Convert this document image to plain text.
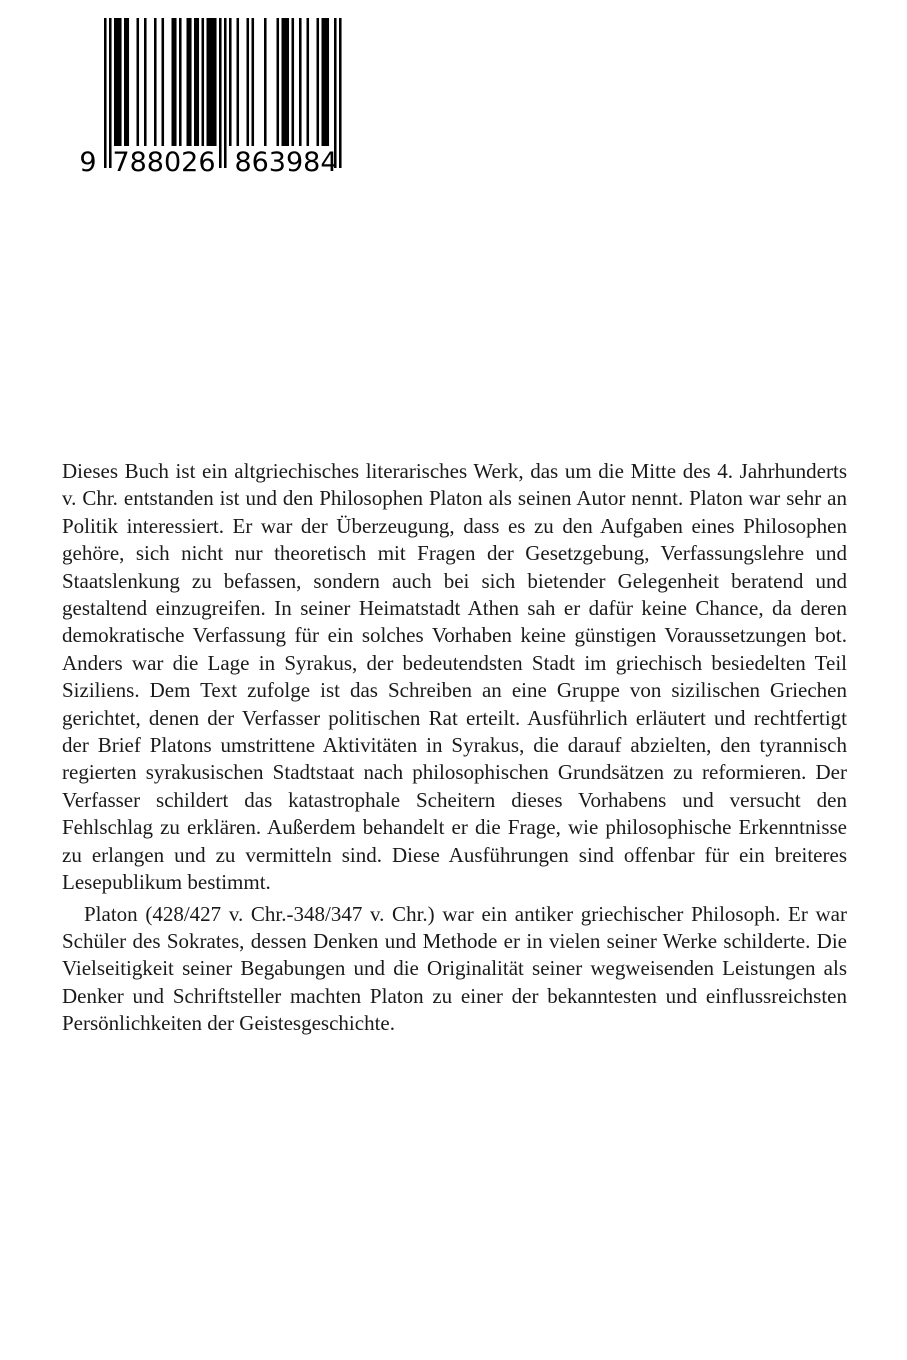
9 788026 863984

Dieses Buch ist ein altgriechisches literarisches Werk, das um die Mitte des 4. Jahrhunderts v. Chr. entstanden ist und den Philosophen Platon als seinen Autor nennt. Platon war sehr an Politik interessiert. Er war der Überzeugung, dass es zu den Aufgaben eines Philosophen gehöre, sich nicht nur theoretisch mit Fragen der Gesetzgebung, Verfassungslehre und Staatslenkung zu befassen, sondern auch bei sich bietender Gelegenheit beratend und gestaltend einzugreifen. In seiner Heimatstadt Athen sah er dafür keine Chance, da deren demokratische Verfassung für ein solches Vorhaben keine günstigen Voraussetzungen bot. Anders war die Lage in Syrakus, der bedeutendsten Stadt im griechisch besiedelten Teil Siziliens. Dem Text zufolge ist das Schreiben an eine Gruppe von sizilischen Griechen gerichtet, denen der Verfasser politischen Rat erteilt. Ausführlich erläutert und rechtfertigt der Brief Platons umstrittene Aktivitäten in Syrakus, die darauf abzielten, den tyrannisch regierten syrakusischen Stadtstaat nach philosophischen Grundsätzen zu reformieren. Der Verfasser schildert das katastrophale Scheitern dieses Vorhabens und versucht den Fehlschlag zu erklären. Außerdem behandelt er die Frage, wie philosophische Erkenntnisse zu erlangen und zu vermitteln sind. Diese Ausführungen sind offenbar für ein breiteres Lesepublikum bestimmt.

Platon (428/427 v. Chr.-348/347 v. Chr.) war ein antiker griechischer Philosoph. Er war Schüler des Sokrates, dessen Denken und Methode er in vielen seiner Werke schilderte. Die Vielseitigkeit seiner Begabungen und die Originalität seiner wegweisenden Leistungen als Denker und Schriftsteller machten Platon zu einer der bekanntesten und einflussreichsten Persönlichkeiten der Geistesgeschichte.
